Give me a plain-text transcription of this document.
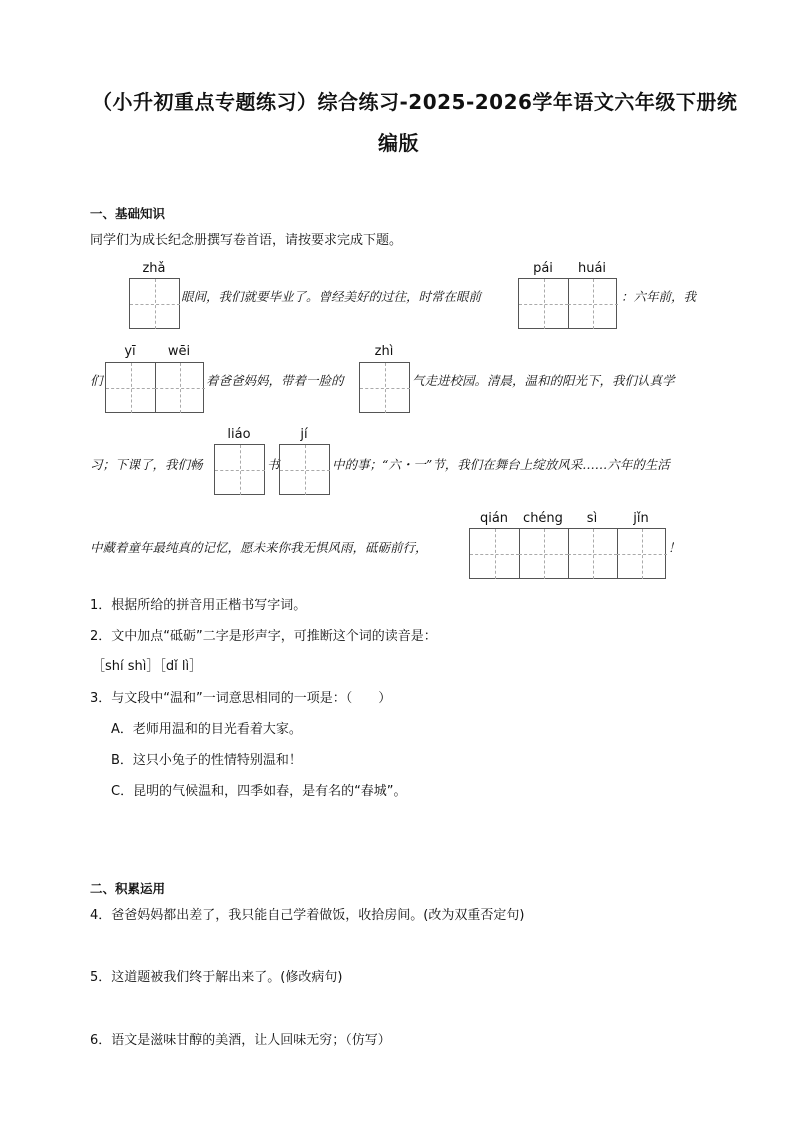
（小升初重点专题练习）综合练习-2025-2026学年语文六年级下册统
编版
一、基础知识
同学们为成长纪念册撰写卷首语，请按要求完成下题。
zhǎ
眼间，我们就要毕业了。曾经美好的过往，时常在眼前
pái	huái
：六年前，我
们
yī	wēi
着爸爸妈妈，带着一脸的
zhì
气走进校园。清晨，温和的阳光下，我们认真学
习；下课了，我们畅
liáo
书
jí
中的事；“六・一”节，我们在舞台上绽放风采……六年的生活
中藏着童年最纯真的记忆，愿未来你我无惧风雨，砥砺前行，
qián	chéng	sì	jǐn
！
1．根据所给的拼音用正楷书写字词。
2．文中加点“砥砺”二字是形声字，可推断这个词的读音是：
［shí shì］［dǐ lì］
3．与文段中“温和”一词意思相同的一项是：（　　）
A．老师用温和的目光看着大家。
B．这只小兔子的性情特别温和！
C．昆明的气候温和，四季如春，是有名的“春城”。
二、积累运用
4．爸爸妈妈都出差了，我只能自己学着做饭，收拾房间。(改为双重否定句)
5．这道题被我们终于解出来了。(修改病句)
6．语文是滋味甘醇的美酒，让人回味无穷；（仿写）
